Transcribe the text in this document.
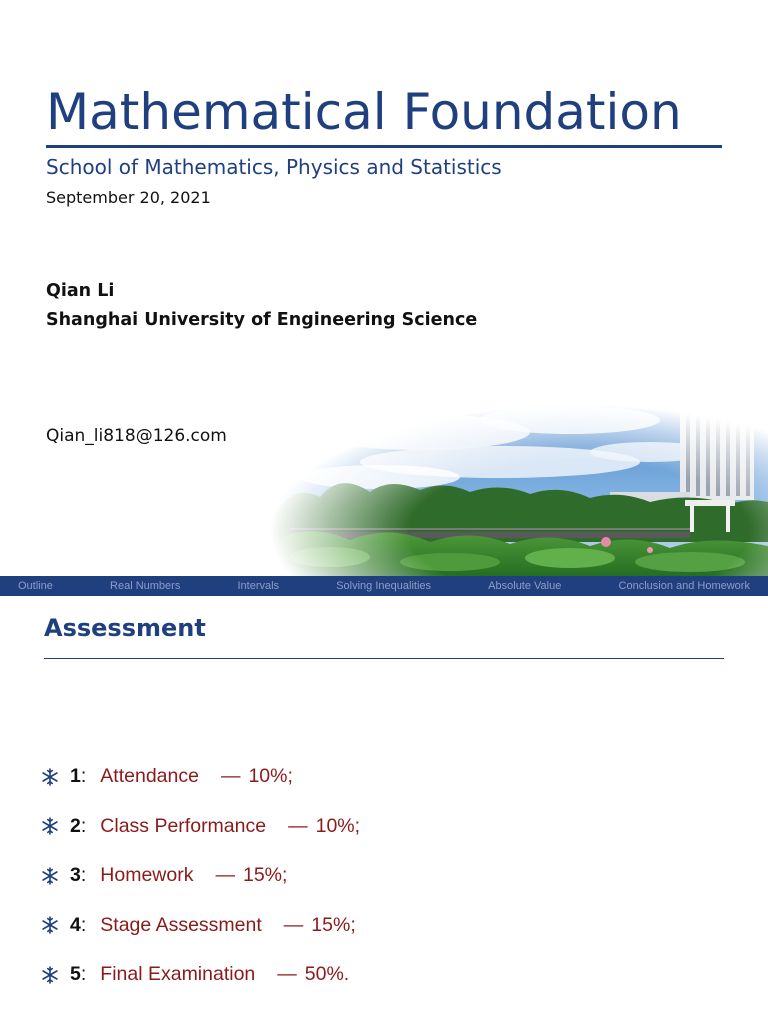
Mathematical Foundation
School of Mathematics, Physics and Statistics
September 20, 2021
Qian Li
Shanghai University of Engineering Science
Qian_li818@126.com
Outline	Real Numbers	Intervals	Solving Inequalities	Absolute Value	Conclusion and Homework
Assessment
1 : Attendance — 10%;
2 : Class Performance — 10%;
3 : Homework — 15%;
4 : Stage Assessment — 15%;
5 : Final Examination — 50%.
